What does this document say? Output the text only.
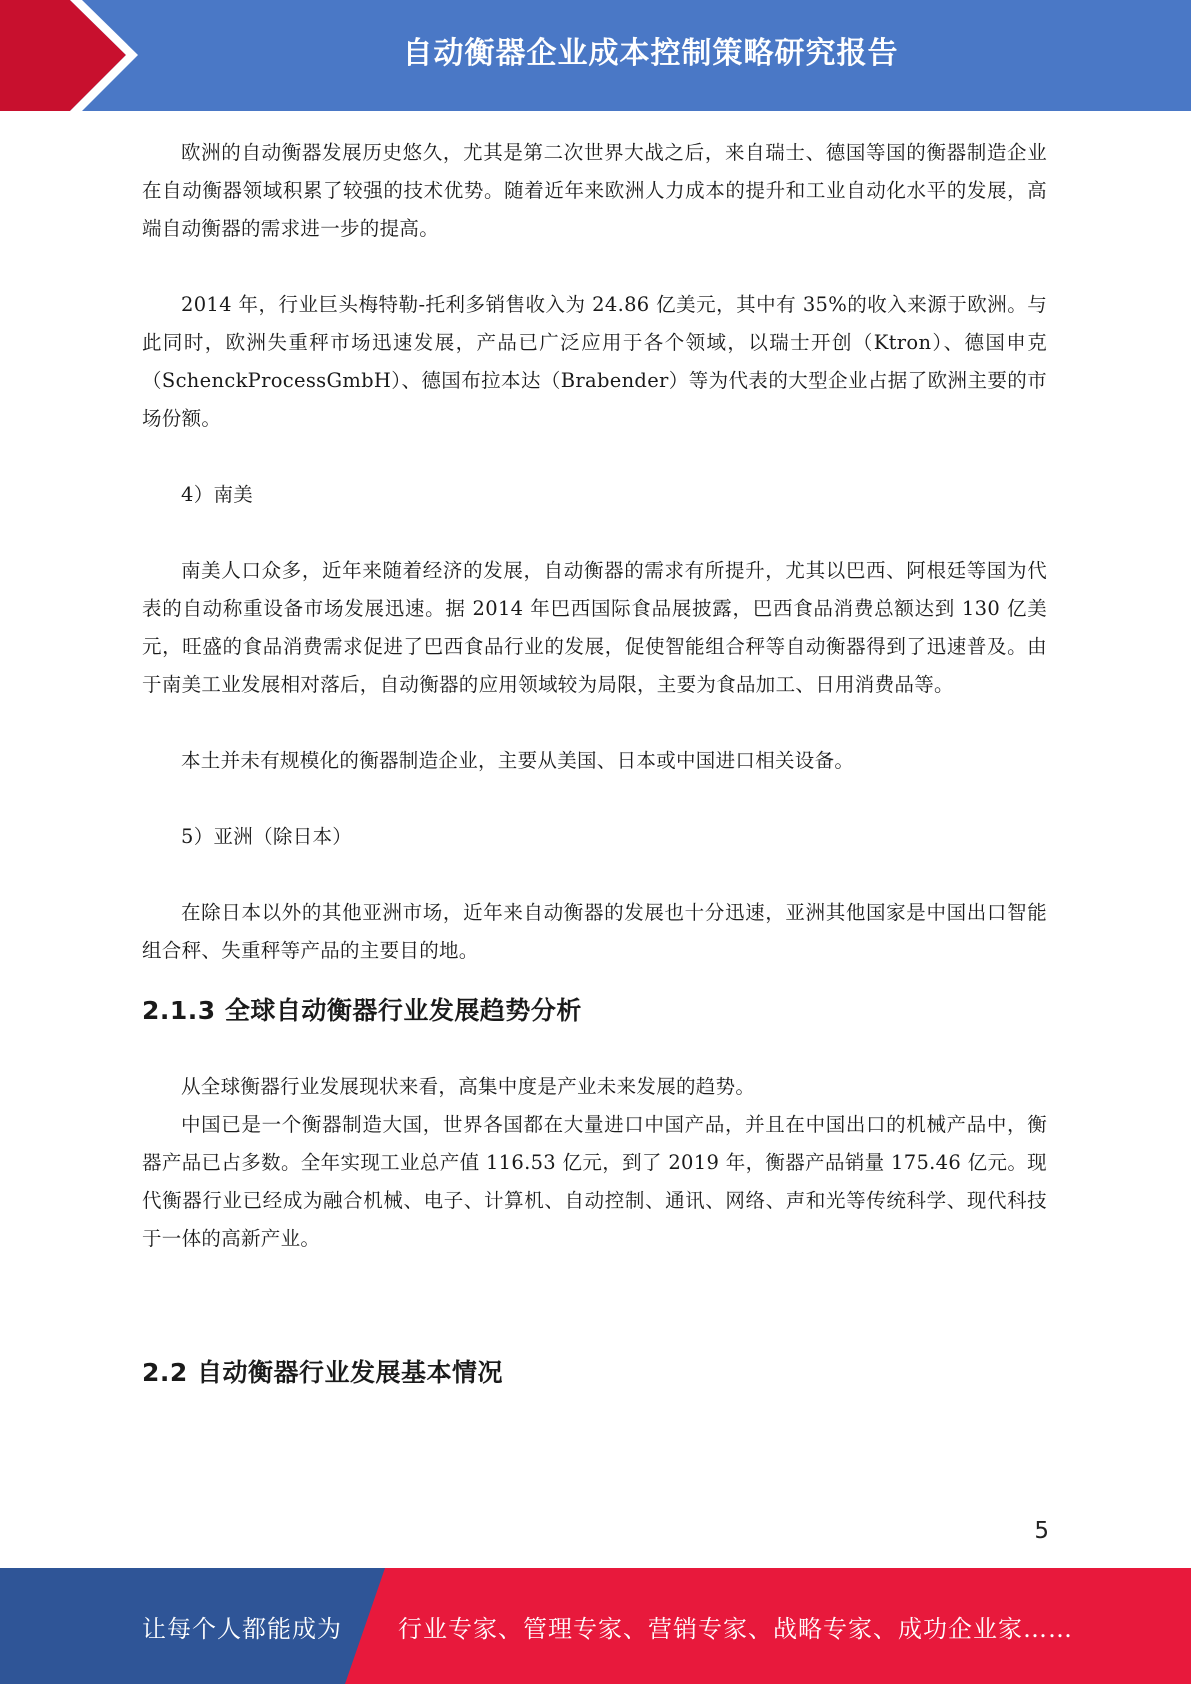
自动衡器企业成本控制策略研究报告

欧洲的自动衡器发展历史悠久，尤其是第二次世界大战之后，来自瑞士、德国等国的衡器制造企业在自动衡器领域积累了较强的技术优势。随着近年来欧洲人力成本的提升和工业自动化水平的发展，高端自动衡器的需求进一步的提高。

2014 年，行业巨头梅特勒-托利多销售收入为 24.86 亿美元，其中有 35%的收入来源于欧洲。与此同时，欧洲失重秤市场迅速发展，产品已广泛应用于各个领域，以瑞士开创（Ktron）、德国申克（SchenckProcessGmbH）、德国布拉本达（Brabender）等为代表的大型企业占据了欧洲主要的市场份额。

4）南美

南美人口众多，近年来随着经济的发展，自动衡器的需求有所提升，尤其以巴西、阿根廷等国为代表的自动称重设备市场发展迅速。据 2014 年巴西国际食品展披露，巴西食品消费总额达到 130 亿美元，旺盛的食品消费需求促进了巴西食品行业的发展，促使智能组合秤等自动衡器得到了迅速普及。由于南美工业发展相对落后，自动衡器的应用领域较为局限，主要为食品加工、日用消费品等。

本土并未有规模化的衡器制造企业，主要从美国、日本或中国进口相关设备。

5）亚洲（除日本）

在除日本以外的其他亚洲市场，近年来自动衡器的发展也十分迅速，亚洲其他国家是中国出口智能组合秤、失重秤等产品的主要目的地。

2.1.3 全球自动衡器行业发展趋势分析

从全球衡器行业发展现状来看，高集中度是产业未来发展的趋势。

中国已是一个衡器制造大国，世界各国都在大量进口中国产品，并且在中国出口的机械产品中，衡器产品已占多数。全年实现工业总产值 116.53 亿元，到了 2019 年，衡器产品销量 175.46 亿元。现代衡器行业已经成为融合机械、电子、计算机、自动控制、通讯、网络、声和光等传统科学、现代科技于一体的高新产业。

2.2 自动衡器行业发展基本情况
5
让每个人都能成为 行业专家、管理专家、营销专家、战略专家、成功企业家……
